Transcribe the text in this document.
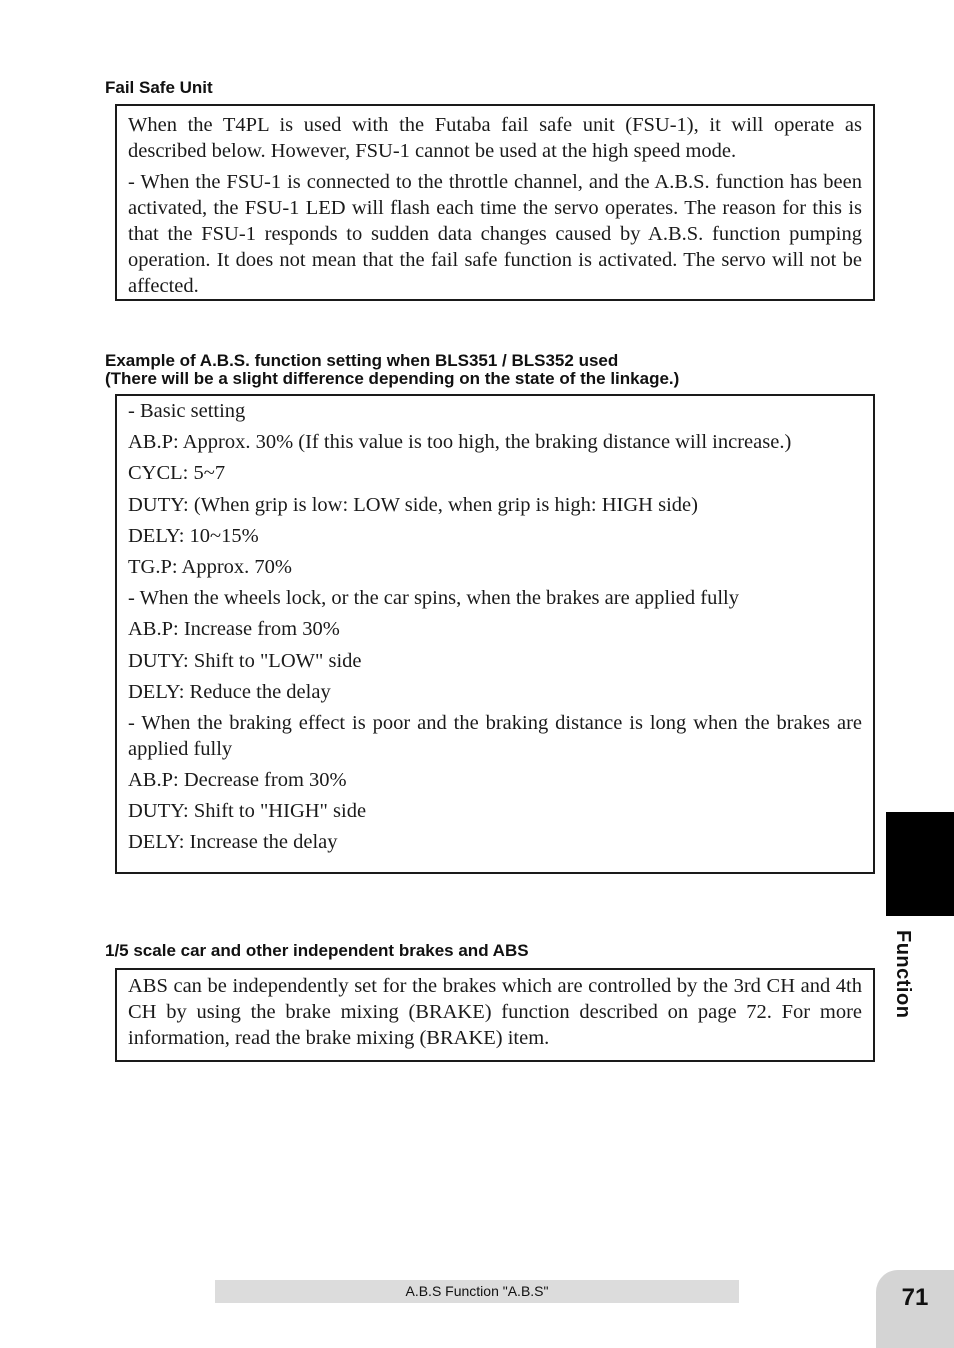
Fail Safe Unit

When the T4PL is used with the Futaba fail safe unit (FSU-1), it will operate as described below. However, FSU-1 cannot be used at the high speed mode.

- When the FSU-1 is connected to the throttle channel, and the A.B.S. function has been activated, the FSU-1 LED will flash each time the servo operates. The reason for this is that the FSU-1 responds to sudden data changes caused by A.B.S. function pumping operation. It does not mean that the fail safe function is activated. The servo will not be affected.

Example of A.B.S. function setting when BLS351 / BLS352 used
(There will be a slight difference depending on the state of the linkage.)

- Basic setting

AB.P: Approx. 30% (If this value is too high, the braking distance will increase.)

CYCL: 5~7

DUTY: (When grip is low: LOW side, when grip is high: HIGH side)

DELY: 10~15%

TG.P: Approx. 70%

- When the wheels lock, or the car spins, when the brakes are applied fully

AB.P: Increase from 30%

DUTY: Shift to "LOW" side

DELY: Reduce the delay

- When the braking effect is poor and the braking distance is long when the brakes are applied fully

AB.P: Decrease from 30%

DUTY: Shift to "HIGH" side

DELY: Increase the delay

1/5 scale car and other independent brakes and ABS

ABS can be independently set for the brakes which are controlled by the 3rd CH and 4th CH by using the brake mixing (BRAKE) function described on page 72. For more information, read the brake mixing (BRAKE) item.

Function
A.B.S Function "A.B.S"	71
